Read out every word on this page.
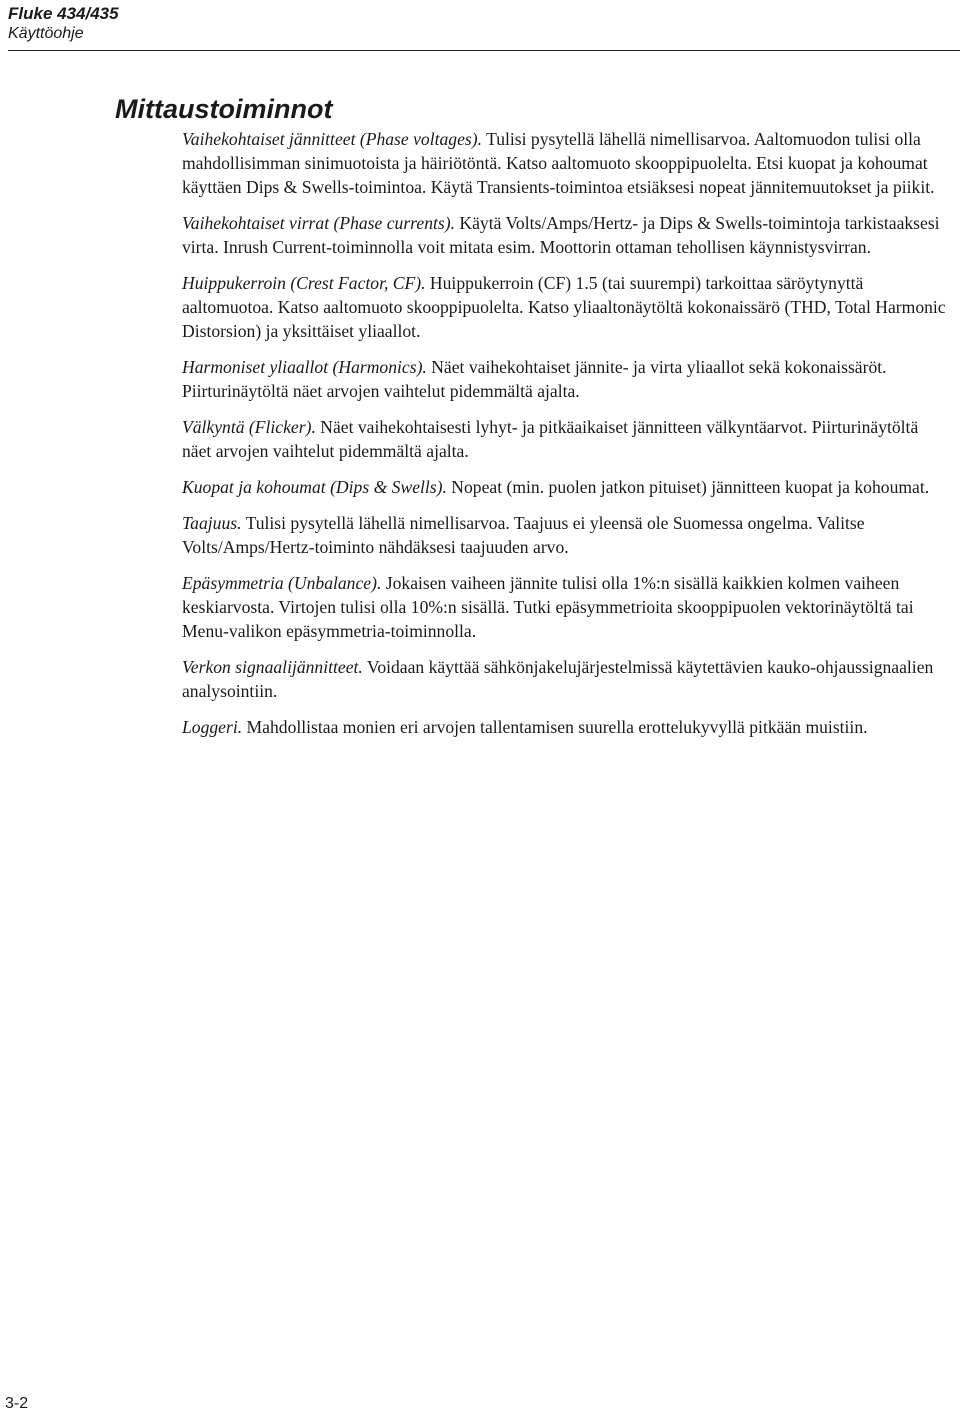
Fluke 434/435
Käyttöohje
Mittaustoiminnot

Vaihekohtaiset jännitteet (Phase voltages). Tulisi pysytellä lähellä nimellisarvoa. Aaltomuodon tulisi olla mahdollisimman sinimuotoista ja häiriötöntä. Katso aaltomuoto skooppipuolelta. Etsi kuopat ja kohoumat käyttäen Dips & Swells-toimintoa. Käytä Transients-toimintoa etsiäksesi nopeat jännitemuutokset ja piikit.

Vaihekohtaiset virrat (Phase currents). Käytä Volts/Amps/Hertz- ja Dips & Swells-toimintoja tarkistaaksesi virta. Inrush Current-toiminnolla voit mitata esim. Moottorin ottaman tehollisen käynnistysvirran.

Huippukerroin (Crest Factor, CF). Huippukerroin (CF) 1.5 (tai suurempi) tarkoittaa säröytynyttä aaltomuotoa. Katso aaltomuoto skooppipuolelta. Katso yliaaltonäytöltä kokonaissärö (THD, Total Harmonic Distorsion) ja yksittäiset yliaallot.

Harmoniset yliaallot (Harmonics). Näet vaihekohtaiset jännite- ja virta yliaallot sekä kokonaissäröt. Piirturinäytöltä näet arvojen vaihtelut pidemmältä ajalta.

Välkyntä (Flicker). Näet vaihekohtaisesti lyhyt- ja pitkäaikaiset jännitteen välkyntäarvot. Piirturinäytöltä näet arvojen vaihtelut pidemmältä ajalta.

Kuopat ja kohoumat (Dips & Swells). Nopeat (min. puolen jatkon pituiset) jännitteen kuopat ja kohoumat.

Taajuus. Tulisi pysytellä lähellä nimellisarvoa. Taajuus ei yleensä ole Suomessa ongelma. Valitse Volts/Amps/Hertz-toiminto nähdäksesi taajuuden arvo.

Epäsymmetria (Unbalance). Jokaisen vaiheen jännite tulisi olla 1%:n sisällä kaikkien kolmen vaiheen keskiarvosta. Virtojen tulisi olla 10%:n sisällä. Tutki epäsymmetrioita skooppipuolen vektorinäytöltä tai Menu-valikon epäsymmetria-toiminnolla.

Verkon signaalijännitteet. Voidaan käyttää sähkönjakelujärjestelmissä käytettävien kauko-ohjaussignaalien analysointiin.

Loggeri. Mahdollistaa monien eri arvojen tallentamisen suurella erottelukyvyllä pitkään muistiin.

3-2
